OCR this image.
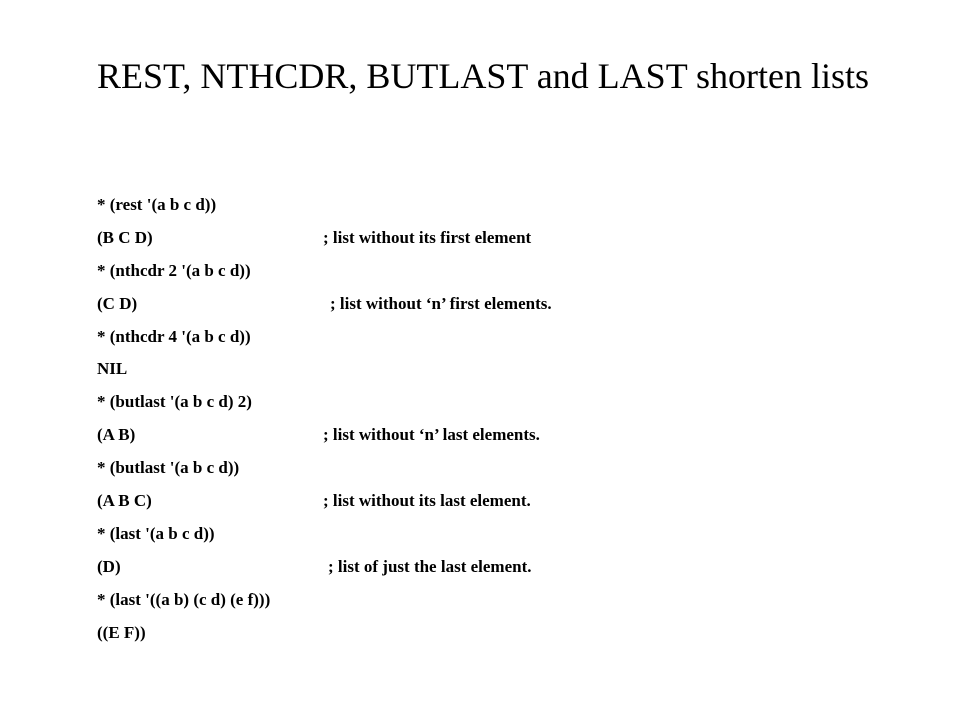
REST, NTHCDR, BUTLAST and LAST shorten lists

* (rest '(a b c d))

(B C D)

	; list without its first element

* (nthcdr 2 '(a b c d))

(C D)

	; list without ‘n’ first elements.

* (nthcdr 4 '(a b c d))

NIL

* (butlast '(a b c d) 2)

(A B)

	; list without ‘n’ last elements.

* (butlast '(a b c d))

(A B C)

	; list without its last element.

* (last '(a b c d))

(D)

	; list of just the last element.

* (last '((a b) (c d) (e f)))

((E F))
